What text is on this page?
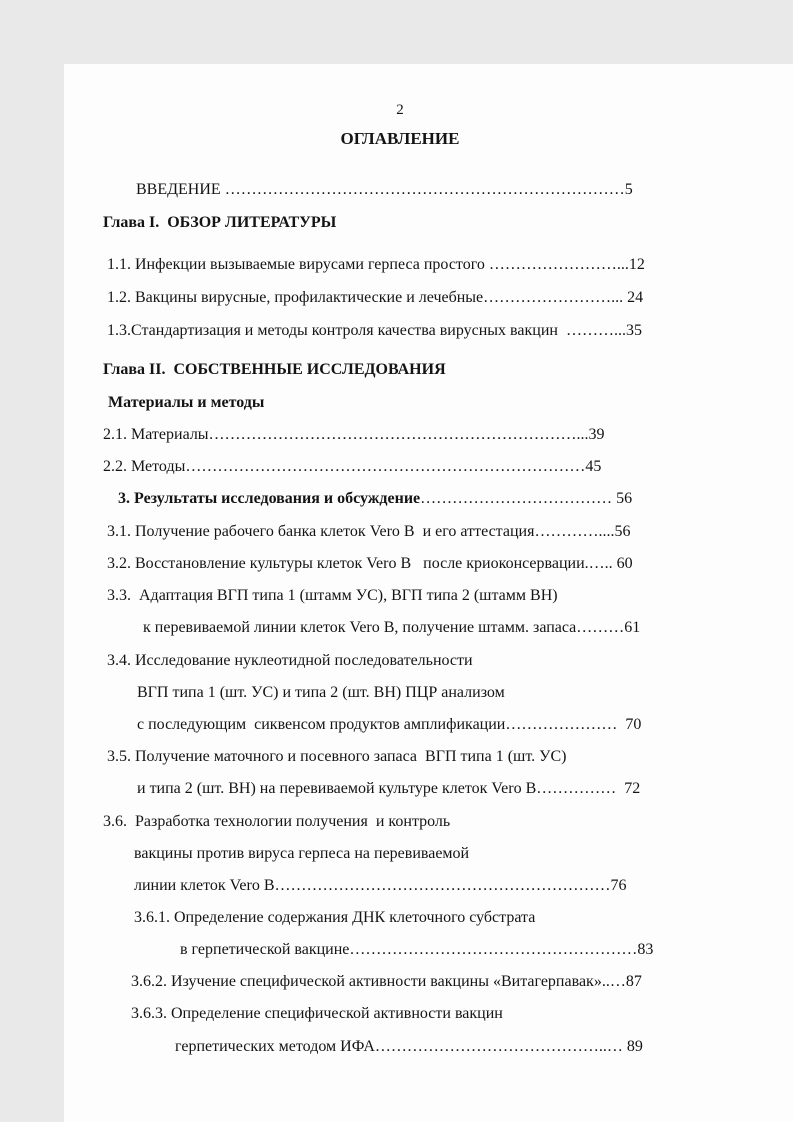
2
ОГЛАВЛЕНИЕ
ВВЕДЕНИЕ …………………………………………………………………5
Глава I.  ОБЗОР ЛИТЕРАТУРЫ
1.1. Инфекции вызываемые вирусами герпеса простого ……………………...12
1.2. Вакцины вирусные, профилактические и лечебные……………………... 24
1.3.Стандартизация и методы контроля качества вирусных вакцин  ………...35
Глава II.  СОБСТВЕННЫЕ ИССЛЕДОВАНИЯ
Материалы и методы
2.1. Материалы……………………………………………………………...39
2.2. Методы…………………………………………………………………45
3. Результаты исследования и обсуждение……………………………… 56
3.1. Получение рабочего банка клеток Vero B  и его аттестация…………....56
3.2. Восстановление культуры клеток Vero B   после криоконсервации.….. 60
3.3.  Адаптация ВГП типа 1 (штамм УС), ВГП типа 2 (штамм ВН)
к перевиваемой линии клеток Vero B, получение штамм. запаса………61
3.4. Исследование нуклеотидной последовательности
ВГП типа 1 (шт. УС) и типа 2 (шт. ВН) ПЦР анализом
с последующим  сиквенсом продуктов амплификации…………………  70
3.5. Получение маточного и посевного запаса  ВГП типа 1 (шт. УС)
и типа 2 (шт. ВН) на перевиваемой культуре клеток Vero B……………  72
3.6.  Разработка технологии получения  и контроль
вакцины против вируса герпеса на перевиваемой
линии клеток Vero B………………………………………………………76
3.6.1. Определение содержания ДНК клеточного субстрата
в герпетической вакцине………………………………………………83
3.6.2. Изучение специфической активности вакцины «Витагерпавак»..…87
3.6.3. Определение специфической активности вакцин
герпетических методом ИФА……………………………………..… 89
